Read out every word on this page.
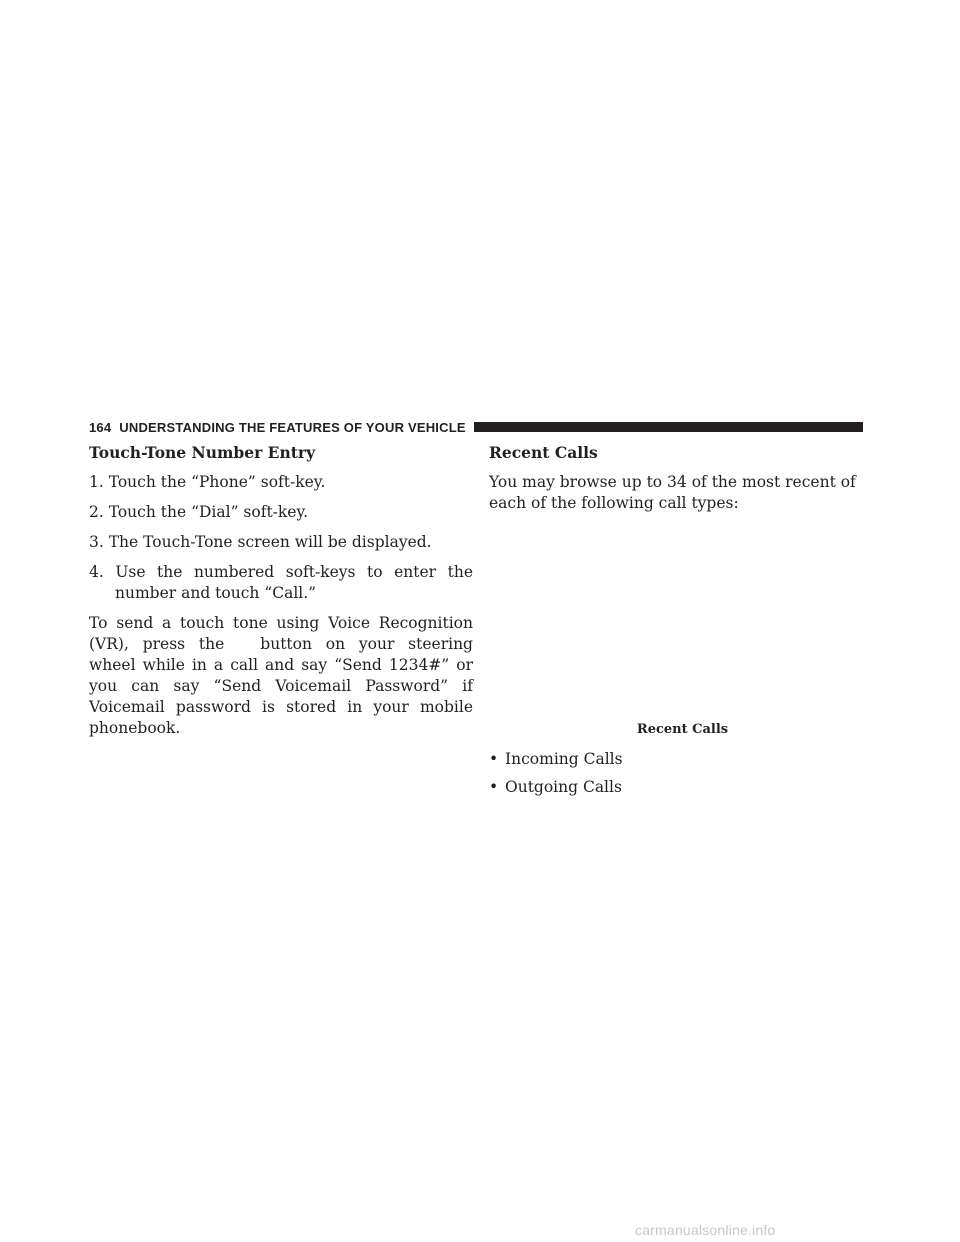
164 UNDERSTANDING THE FEATURES OF YOUR VEHICLE
Touch-Tone Number Entry

1. Touch the “Phone” soft-key.

2. Touch the “Dial” soft-key.

3. The Touch-Tone screen will be displayed.

4. Use the numbered soft-keys to enter the number and touch “Call.”

To send a touch tone using Voice Recognition (VR), press the button on your steering wheel while in a call and say “Send 1234#” or you can say “Send Voicemail Password” if Voicemail password is stored in your mobile phonebook.

Recent Calls

You may browse up to 34 of the most recent of each of the following call types:

Recent Calls
• Incoming Calls
• Outgoing Calls
carmanualsonline.info
